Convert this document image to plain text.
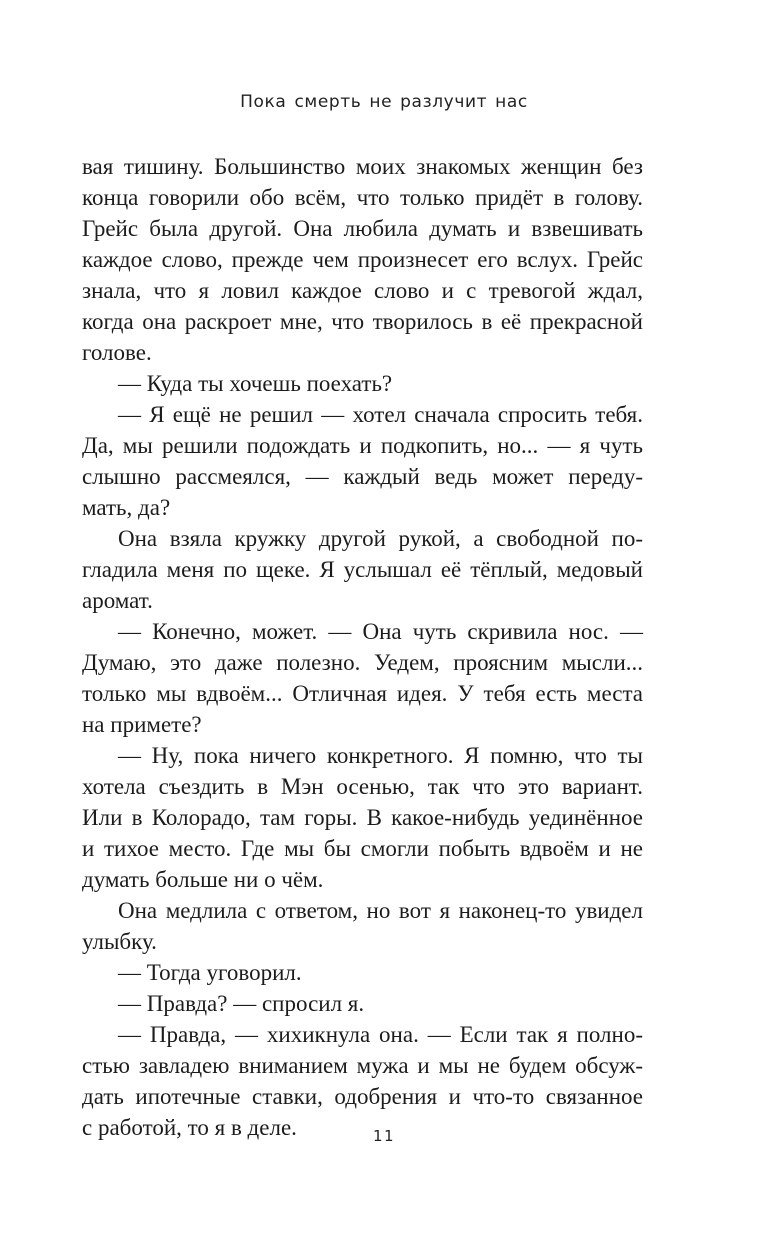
Пока смерть не разлучит нас
вая тишину. Большинство моих знакомых женщин без
конца говорили обо всём, что только придёт в голову.
Грейс была другой. Она любила думать и взвешивать
каждое слово, прежде чем произнесет его вслух. Грейс
знала, что я ловил каждое слово и с тревогой ждал,
когда она раскроет мне, что творилось в её прекрасной
голове.
— Куда ты хочешь поехать?
— Я ещё не решил — хотел сначала спросить тебя.
Да, мы решили подождать и подкопить, но... — я чуть
слышно рассмеялся, — каждый ведь может переду-
мать, да?
Она взяла кружку другой рукой, а свободной по-
гладила меня по щеке. Я услышал её тёплый, медовый
аромат.
— Конечно, может. — Она чуть скривила нос. —
Думаю, это даже полезно. Уедем, проясним мысли...
только мы вдвоём... Отличная идея. У тебя есть места
на примете?
— Ну, пока ничего конкретного. Я помню, что ты
хотела съездить в Мэн осенью, так что это вариант.
Или в Колорадо, там горы. В какое-нибудь уединённое
и тихое место. Где мы бы смогли побыть вдвоём и не
думать больше ни о чём.
Она медлила с ответом, но вот я наконец-то увидел
улыбку.
— Тогда уговорил.
— Правда? — спросил я.
— Правда, — хихикнула она. — Если так я полно-
стью завладею вниманием мужа и мы не будем обсуж-
дать ипотечные ставки, одобрения и что-то связанное
с работой, то я в деле.	11
